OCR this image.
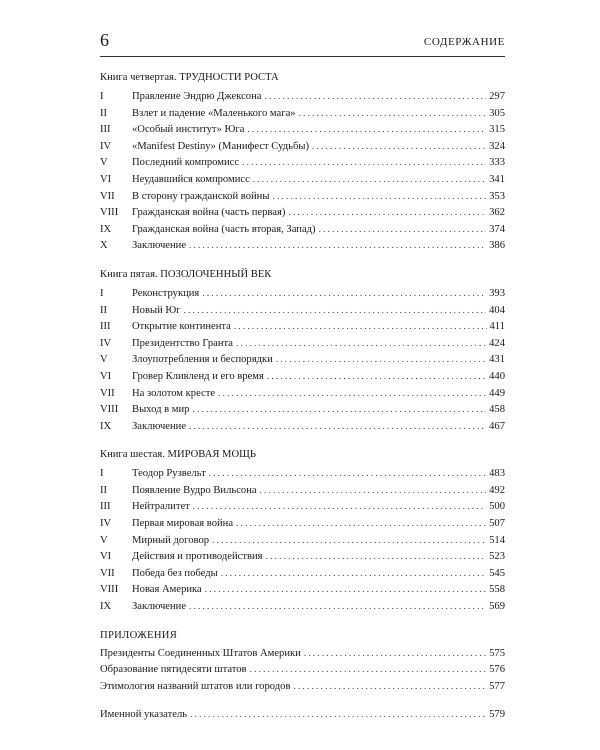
6	СОДЕРЖАНИЕ
Книга четвертая. ТРУДНОСТИ РОСТА
I	Правление Эндрю Джексона . . .	297
II	Взлет и падение «Маленького мага» . . .	305
III	«Особый институт» Юга . . .	315
IV	«Manifest Destiny» (Манифест Судьбы) . . .	324
V	Последний компромисс . . .	333
VI	Неудавшийся компромисс . . .	341
VII	В сторону гражданской войны . . .	353
VIII	Гражданская война (часть первая) . . .	362
IX	Гражданская война (часть вторая, Запад) . . .	374
X	Заключение . . .	386
Книга пятая. ПОЗОЛОЧЕННЫЙ ВЕК
I	Реконструкция . . .	393
II	Новый Юг . . .	404
III	Открытие континента . . .	411
IV	Президентство Гранта . . .	424
V	Злоупотребления и беспорядки . . .	431
VI	Гровер Кливленд и его время . . .	440
VII	На золотом кресте . . .	449
VIII	Выход в мир . . .	458
IX	Заключение . . .	467
Книга шестая. МИРОВАЯ МОЩЬ
I	Теодор Рузвельт . . .	483
II	Появление Вудро Вильсона . . .	492
III	Нейтралитет . . .	500
IV	Первая мировая война . . .	507
V	Мирный договор . . .	514
VI	Действия и противодействия . . .	523
VII	Победа без победы . . .	545
VIII	Новая Америка . . .	558
IX	Заключение . . .	569
ПРИЛОЖЕНИЯ
Президенты Соединенных Штатов Америки . . .	575
Образование пятидесяти штатов . . .	576
Этимология названий штатов или городов . . .	577
Именной указатель . . .	579
